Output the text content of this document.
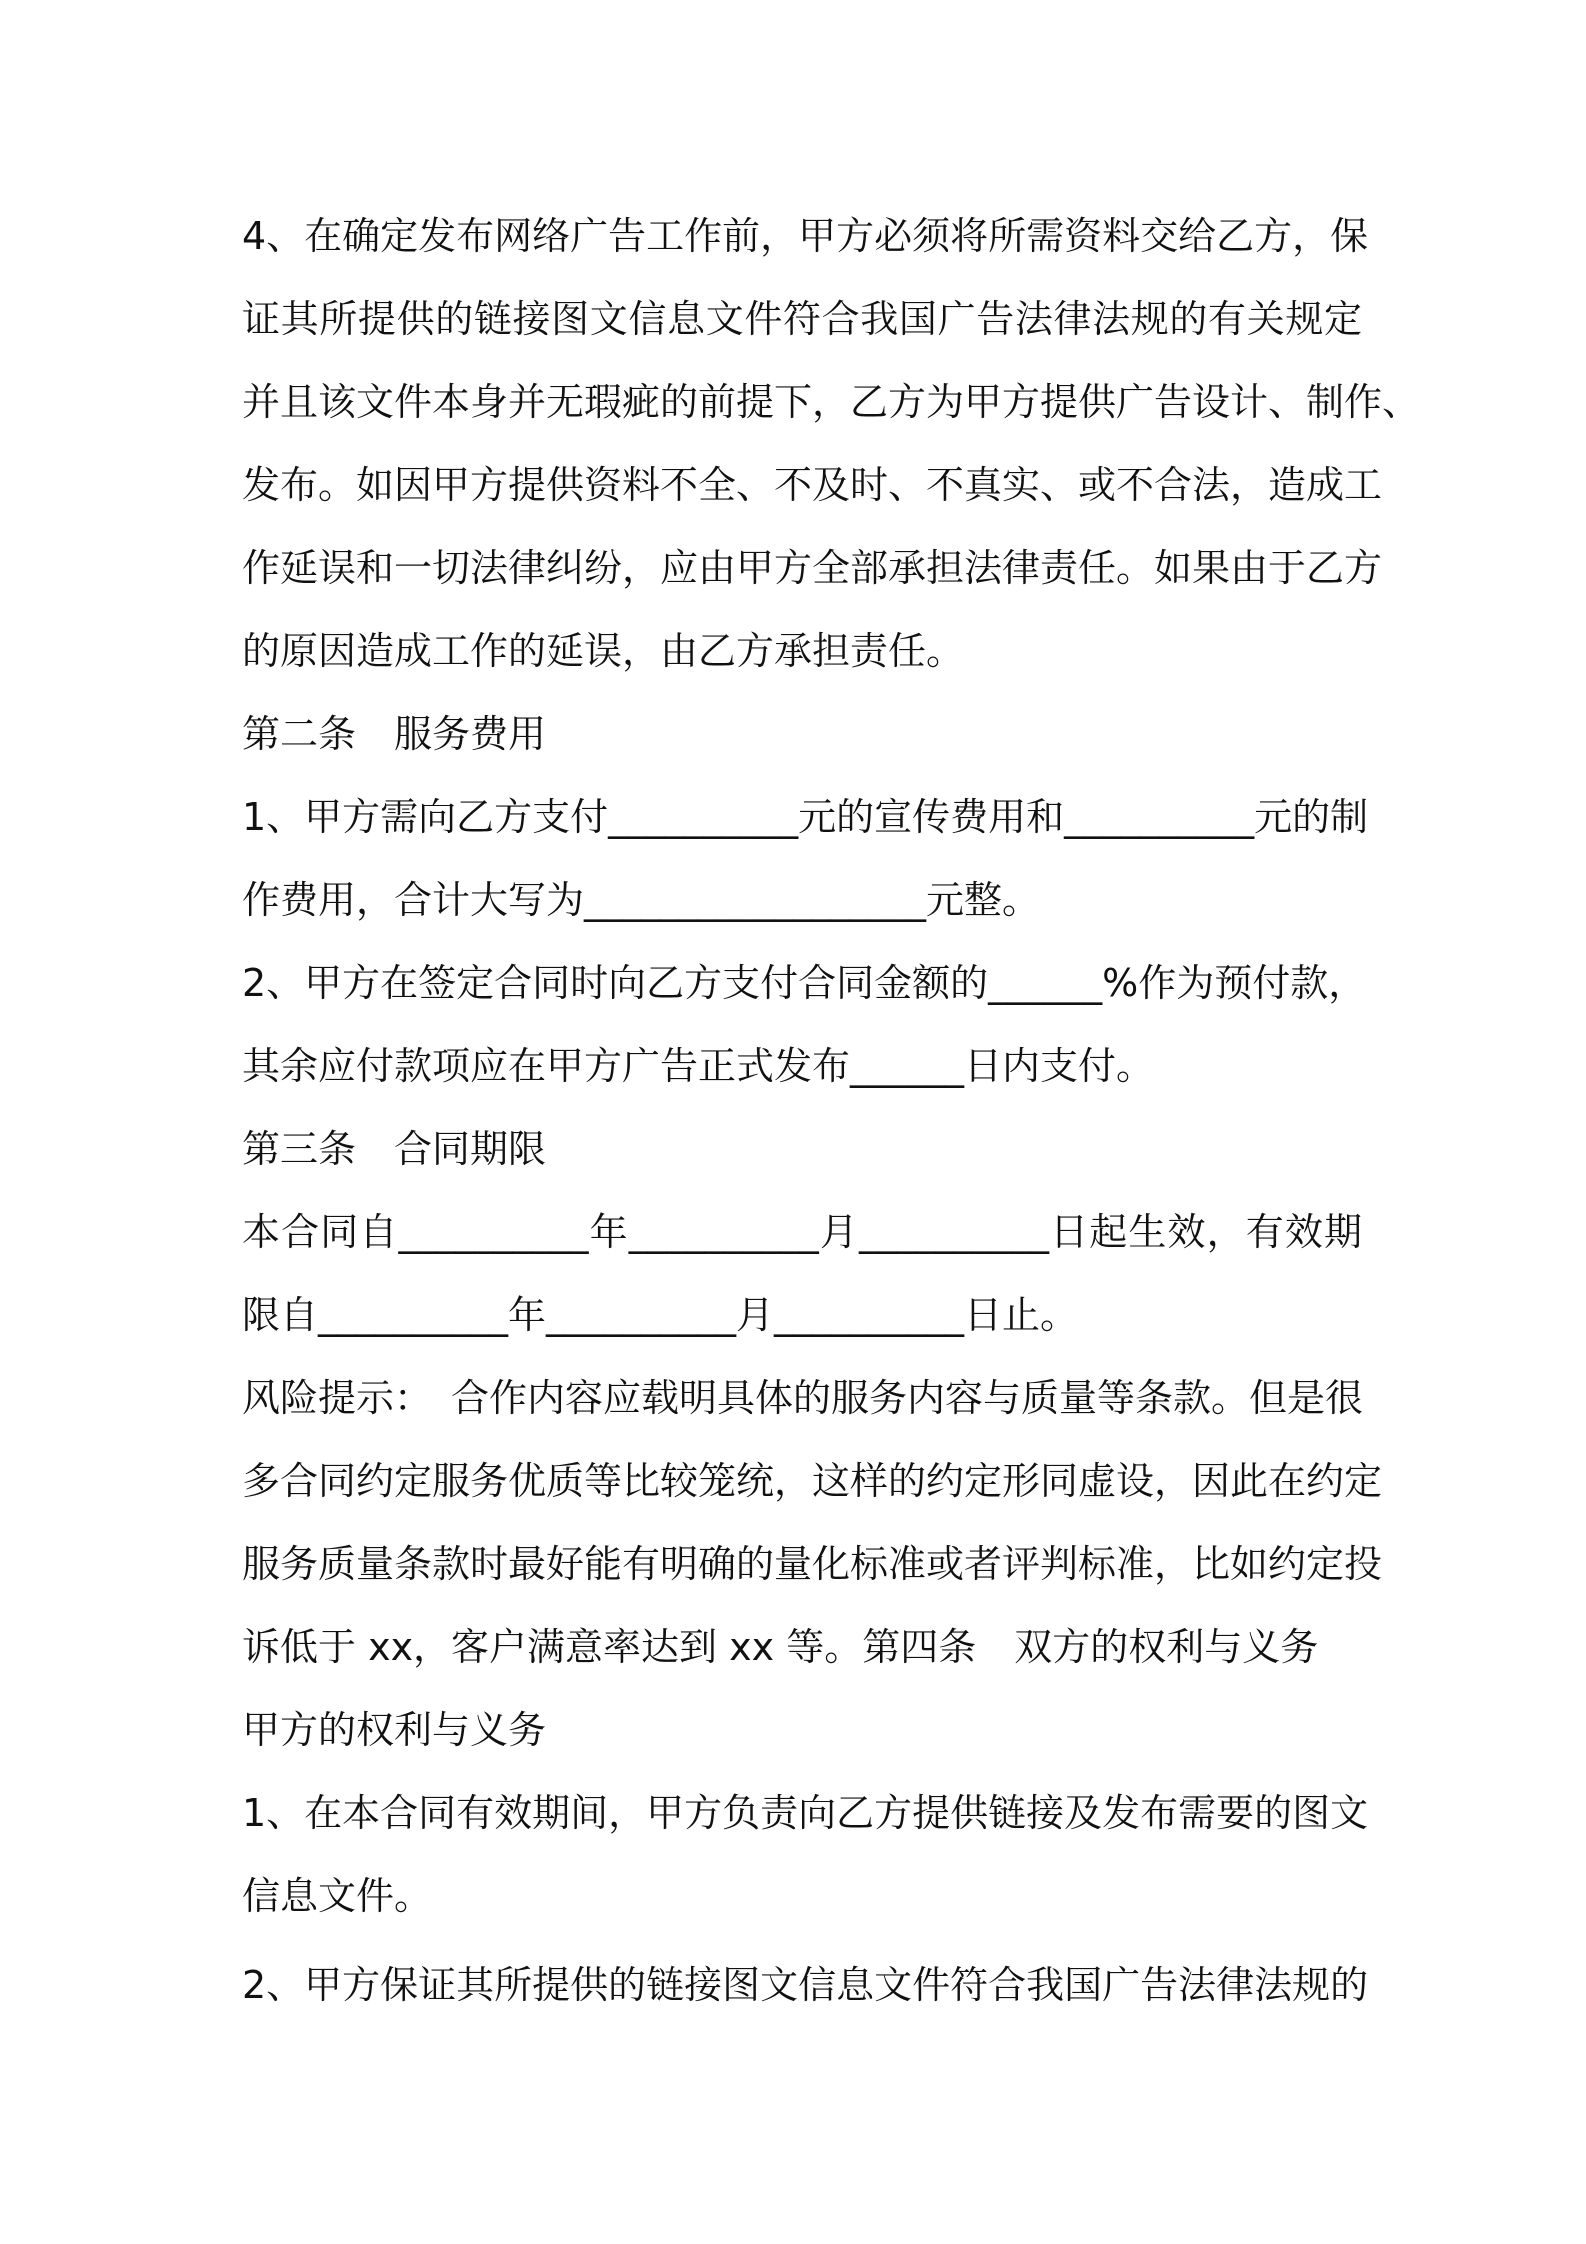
4、在确定发布网络广告工作前，甲方必须将所需资料交给乙方，保
证其所提供的链接图文信息文件符合我国广告法律法规的有关规定
并且该文件本身并无瑕疵的前提下，乙方为甲方提供广告设计、制作、
发布。如因甲方提供资料不全、不及时、不真实、或不合法，造成工
作延误和一切法律纠纷，应由甲方全部承担法律责任。如果由于乙方
的原因造成工作的延误，由乙方承担责任。
第二条　服务费用
1、甲方需向乙方支付__________元的宣传费用和__________元的制
作费用，合计大写为__________________元整。
2、甲方在签定合同时向乙方支付合同金额的______%作为预付款，
其余应付款项应在甲方广告正式发布______日内支付。
第三条　合同期限
本合同自__________年__________月__________日起生效，有效期
限自__________年__________月__________日止。
风险提示：　合作内容应载明具体的服务内容与质量等条款。但是很
多合同约定服务优质等比较笼统，这样的约定形同虚设，因此在约定
服务质量条款时最好能有明确的量化标准或者评判标准，比如约定投
诉低于 xx，客户满意率达到 xx 等。第四条　双方的权利与义务
甲方的权利与义务
1、在本合同有效期间，甲方负责向乙方提供链接及发布需要的图文
信息文件。
2、甲方保证其所提供的链接图文信息文件符合我国广告法律法规的
